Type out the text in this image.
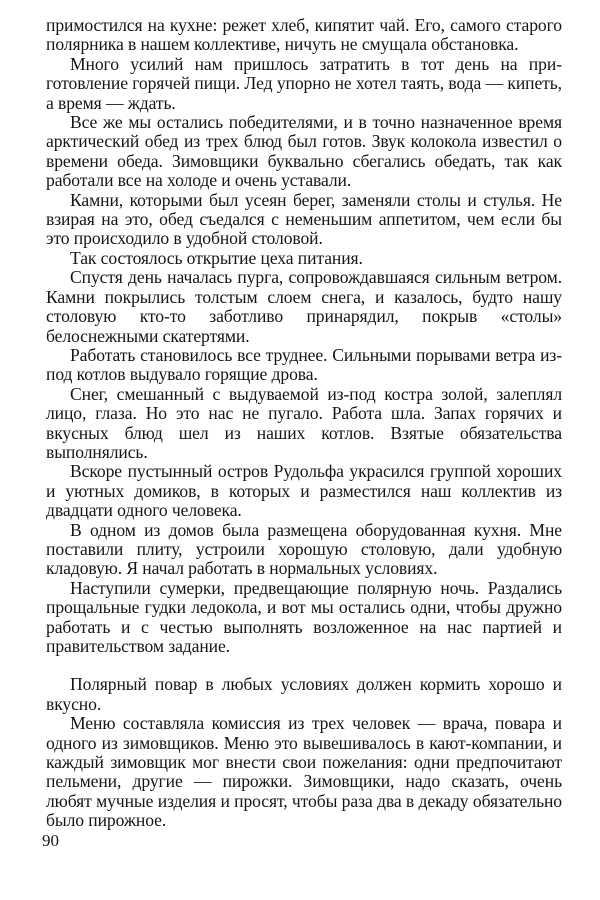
примостился на кухне: режет хлеб, кипятит чай. Его, самого старого полярника в нашем коллективе, ничуть не смущала обстановка.

Много усилий нам пришлось затратить в тот день на приготовление горячей пищи. Лед упорно не хотел таять, вода — кипеть, а время — ждать.

Все же мы остались победителями, и в точно назначенное время арктический обед из трех блюд был готов. Звук колокола известил о времени обеда. Зимовщики буквально сбегались обедать, так как работали все на холоде и очень уставали.

Камни, которыми был усеян берег, заменяли столы и стулья. Не взирая на это, обед съедался с неменьшим аппетитом, чем если бы это происходило в удобной столовой.

Так состоялось открытие цеха питания.

Спустя день началась пурга, сопровождавшаяся сильным ветром. Камни покрылись толстым слоем снега, и казалось, будто нашу столовую кто-то заботливо принарядил, покрыв «столы» белоснежными скатертями.

Работать становилось все труднее. Сильными порывами ветра из-под котлов выдувало горящие дрова.

Снег, смешанный с выдуваемой из-под костра золой, залеплял лицо, глаза. Но это нас не пугало. Работа шла. Запах горячих и вкусных блюд шел из наших котлов. Взятые обязательства выполнялись.

Вскоре пустынный остров Рудольфа украсился группой хороших и уютных домиков, в которых и разместился наш коллектив из двадцати одного человека.

В одном из домов была размещена оборудованная кухня. Мне поставили плиту, устроили хорошую столовую, дали удобную кладовую. Я начал работать в нормальных условиях.

Наступили сумерки, предвещающие полярную ночь. Раздались прощальные гудки ледокола, и вот мы остались одни, чтобы дружно работать и с честью выполнять возложенное на нас партией и правительством задание.

Полярный повар в любых условиях должен кормить хорошо и вкусно.

Меню составляла комиссия из трех человек — врача, повара и одного из зимовщиков. Меню это вывешивалось в кают-компании, и каждый зимовщик мог внести свои пожелания: одни предпочитают пельмени, другие — пирожки. Зимовщики, надо сказать, очень любят мучные изделия и просят, чтобы раза два в декаду обязательно было пирожное.

90
